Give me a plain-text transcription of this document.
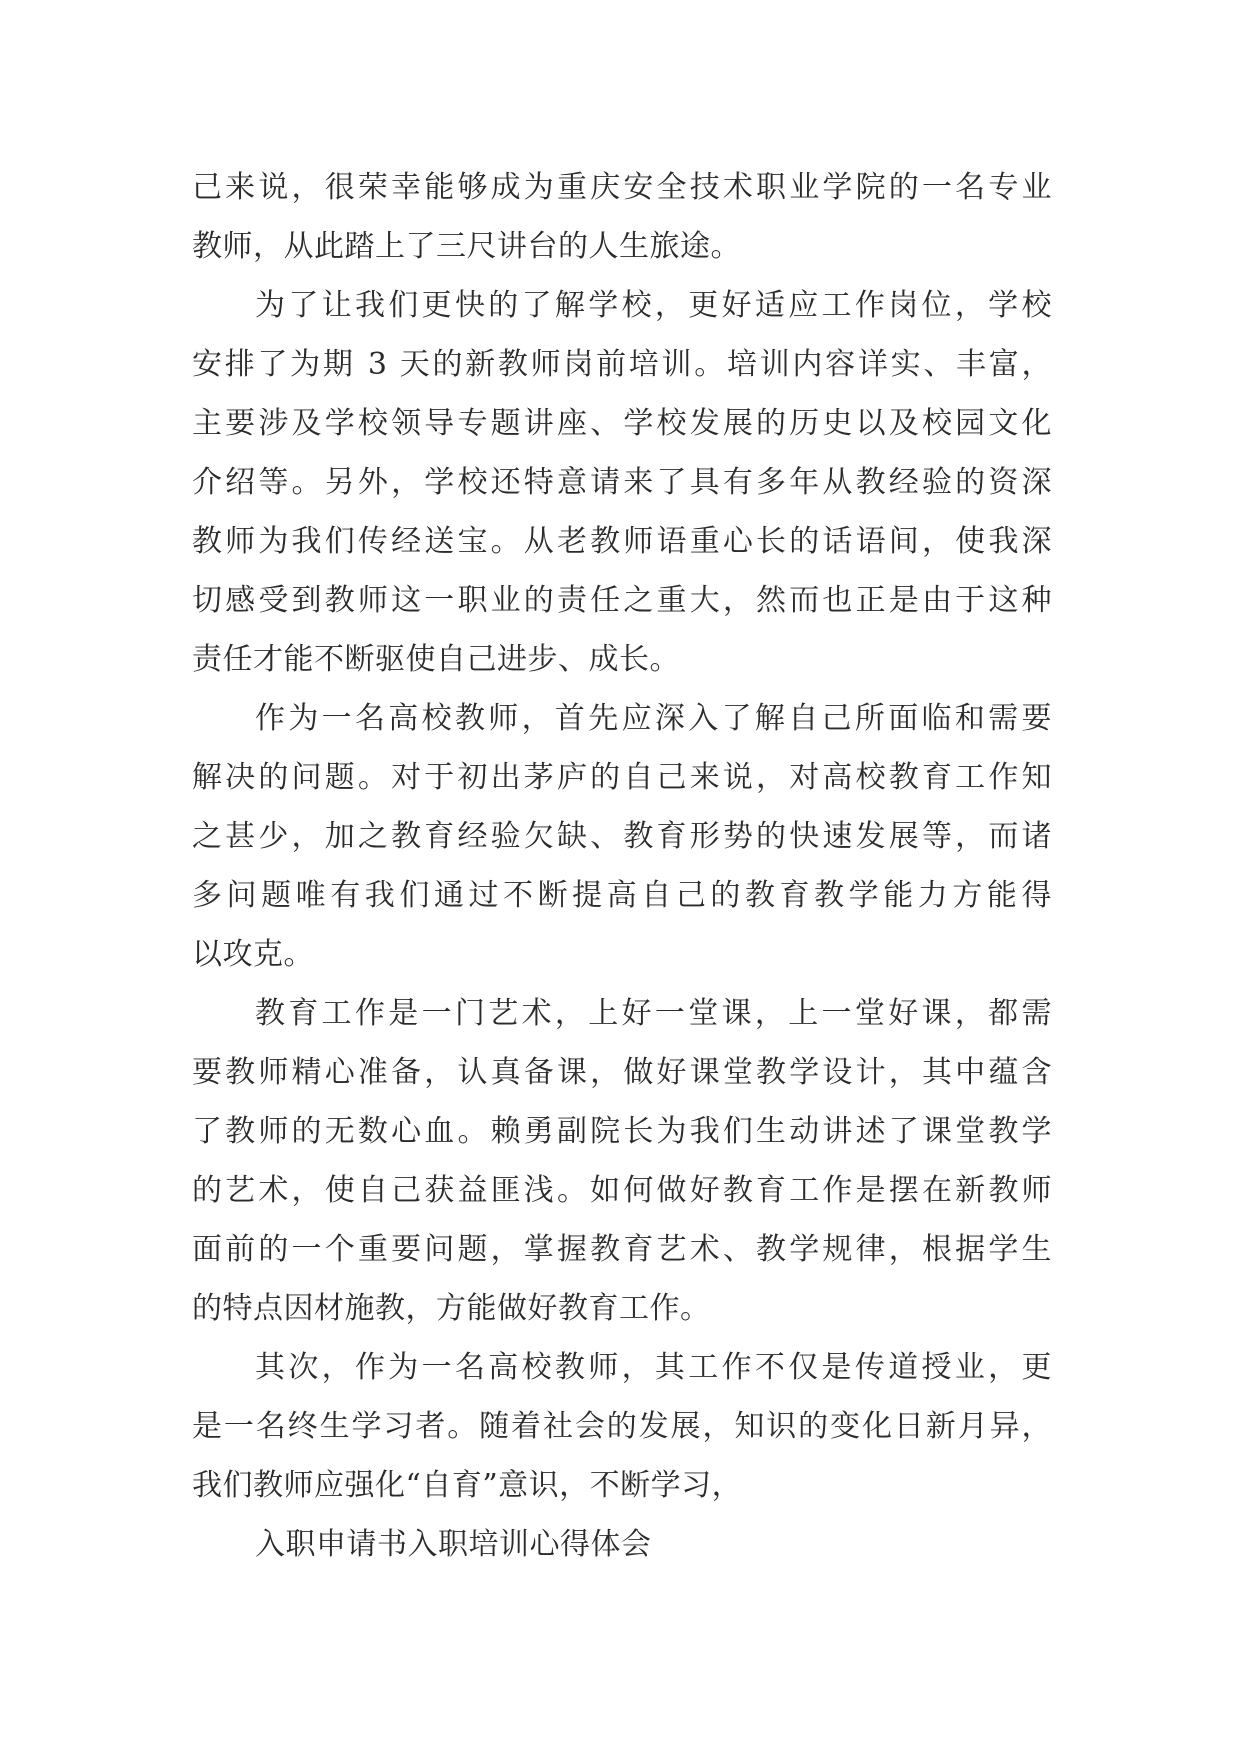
己来说，很荣幸能够成为重庆安全技术职业学院的一名专业
教师，从此踏上了三尺讲台的人生旅途。
为了让我们更快的了解学校，更好适应工作岗位，学校
安排了为期 3 天的新教师岗前培训。培训内容详实、丰富，
主要涉及学校领导专题讲座、学校发展的历史以及校园文化
介绍等。另外，学校还特意请来了具有多年从教经验的资深
教师为我们传经送宝。从老教师语重心长的话语间，使我深
切感受到教师这一职业的责任之重大，然而也正是由于这种
责任才能不断驱使自己进步、成长。
作为一名高校教师，首先应深入了解自己所面临和需要
解决的问题。对于初出茅庐的自己来说，对高校教育工作知
之甚少，加之教育经验欠缺、教育形势的快速发展等，而诸
多问题唯有我们通过不断提高自己的教育教学能力方能得
以攻克。
教育工作是一门艺术，上好一堂课，上一堂好课，都需
要教师精心准备，认真备课，做好课堂教学设计，其中蕴含
了教师的无数心血。赖勇副院长为我们生动讲述了课堂教学
的艺术，使自己获益匪浅。如何做好教育工作是摆在新教师
面前的一个重要问题，掌握教育艺术、教学规律，根据学生
的特点因材施教，方能做好教育工作。
其次，作为一名高校教师，其工作不仅是传道授业，更
是一名终生学习者。随着社会的发展，知识的变化日新月异，
我们教师应强化“自育”意识，不断学习，
入职申请书入职培训心得体会
